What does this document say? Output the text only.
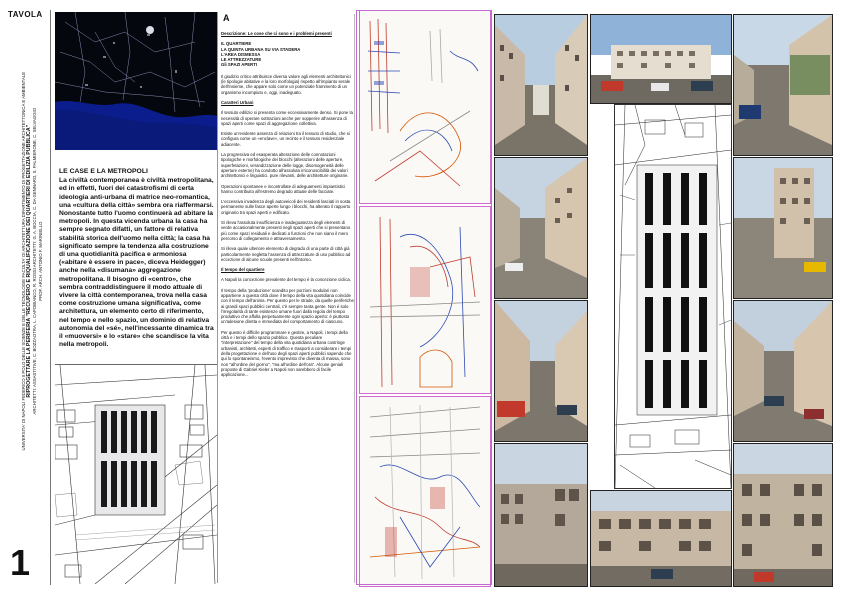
TAVOLA
UNIVERSITA' DI NAPOLI FEDERICO II POLO DELLE SCIENZE E DELLE TECNOLOGIE FACOLTA' DI ARCHITETTURA DIPARTIMENTO DI PROGETTAZIONE ARCHITETTONICA E AMBIENTALE RIPROGETTARE LA PERIFERIA "RECUPERO E RIQUALIFICAZIONE DEI QUARTIERI DI EDILIZIA PUBBLICA" ARCHITETTI: ASSASTITIVE, C. BOZZAOTRA, L. CAPOBIANCO, R. ROSSI ARCHITETTI: G. A. BOCCIA, C. DA GENNARO, S. PALMIERONE, C. SELVAGGIO PROF. ARCH. ANTONIO F. MARINIELLO
1
LE CASE E LA METROPOLI

La civiltà contemporanea è civiltà metropolitana, ed in effetti, fuori dei catastrofismi di certa ideologia anti-urbana di matrice neo-romantica, una «cultura della città» sembra ora riaffermarsi. Nonostante tutto l'uomo continuerà ad abitare la metropoli. In questa vicenda urbana la casa ha sempre segnato difatti, un fattore di relativa stabilità storica dell'uomo nella città; la casa ha significato sempre la tendenza alla costruzione di una quotidianità pacifica e armoniosa («abitare è essere in pace», diceva Heidegger) anche nella «disumana» aggregazione metropolitana. Il bisogno di «centro», che sembra contraddistinguere il modo attuale di vivere la città contemporanea, trova nella casa come costruzione umana significativa, come architettura, un elemento certo di riferimento, nel tempo e nello spazio, un dominio di relativa autonomia del «sé», nell'incessante dinamica tra il «muoversi» e lo «stare» che scandisce la vita nella metropoli.

A
Descrizione: Le cose che ci sono e i problemi presenti
IL QUARTIERE
LA QUINTA URBANA SU VIA STADERA
L'AREA DISMESSA
LE ATTREZZATURE
Gli SPAZI APERTI

Il giudizio critico attribuisce diversa valore agli elementi architettonici (le tipologie abitative e la loro morfologia) rispetto all'impianto serale dell'insieme, che appare solo come un potenziale frammento di un organismo incompiuto e, oggi, inadeguato.

Caratteri Urbani

Il tessuto edilizio si presenta come eccessivamente denso. Si pone la necessità di operare sottrazioni anche per sopperire all'assenza di spazi aperti come spazi di aggregazione collettiva.

Esiste un'evidente assenza di relazioni tra il tessuto di studio, che si configura come un «enclave», un recinto e il tessuto residenziale adiacente.

La progressiva ed esasperata alterazione delle connotazioni tipologiche e morfologiche dei blocchi (alterazioni delle aperture, superfetazioni, verandizzazione delle logge, disomogeneità delle aperture esterne) ha condotto all'assoluta irriconoscibilità dei valori architettonici e linguistici. pure rilevanti, delle architetture originarie.

Operazioni spontanee e incontrollate di adeguamenti impiantistici hanno contribuito all'estremo degrado attuale delle facciate.

L'eccessiva invadenza degli autoveicoli dei residenti lasciati in sosta permanente sulle fasce aperte lungo i blocchi, ha alterato il rapporto originario tra spazi aperti e edificato.

Si rileva l'assoluta insufficienza e inadeguatezza degli elementi di verde accasionalmente presenti negli spazi aperti che si presentano più come spazi residuali e dedicati a funzioni che non siano il mero percorso di collegamento e attraversamento.

Si rileva quale ulteriore elemento di degrado di una parte di città già particolarmente negletta l'assenza di attrezzature di uso pubblico ad eccezione di alcune scuole presenti nell'intorno.

Il tempo del quartiere

A Napoli la concezione prevalente del tempo è la concezione ciclica.

Il tempo della 'produzione' scandito per porzioni modulari non appartiene a questa città dove il tempo della vita quotidiana coincide con il tempo dell'anima. Per questo per le strade, da quelle periferiche ai grandi spazi pubblici centrali, c'è sempre tanta gente. Non è solo l'irregolarità di tante esistenze umane fuori dalla regola del tempo produttivo che affolla perpetuamente ogni spazio aperto: è piuttosto un'adesione diretta e immediata del comportamento di ciascuno.

Per questo è difficile programmare e gestire, a Napoli, i tempi della città e i tempi dello spazio pubblico. Questa peculiare "interpretazione" del tempo della vita quotidiana urbana costringe urbanisti, architetti, esperti di traffico e trasporti a considerare i tempi della progettazione e dell'uso degli spazi aperti pubblici sapendo che qui lo spontaneismo, l'evento imprevisto che diventa di massa, sono non "all'ordine del giorno", "ma all'ordine dell'ora". Alcune geniali proposte di Gabriel Kieler a Napoli non sarebbero di facile applicazione...
